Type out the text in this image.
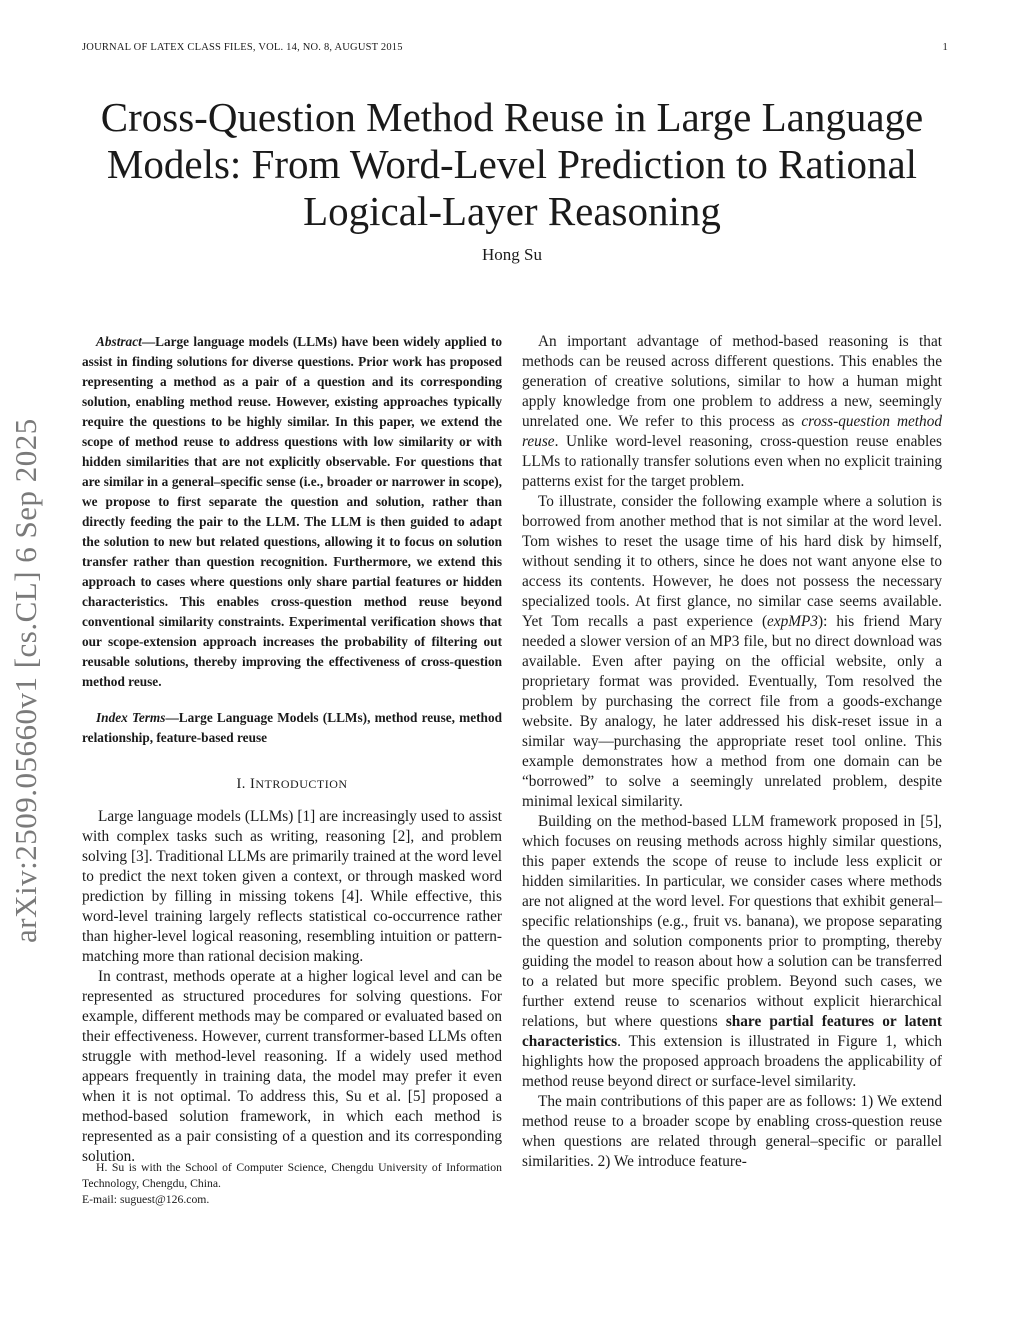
JOURNAL OF LATEX CLASS FILES, VOL. 14, NO. 8, AUGUST 2015	1
Cross-Question Method Reuse in Large Language Models: From Word-Level Prediction to Rational Logical-Layer Reasoning
Hong Su
arXiv:2509.05660v1 [cs.CL] 6 Sep 2025

Abstract—Large language models (LLMs) have been widely applied to assist in finding solutions for diverse questions. Prior work has proposed representing a method as a pair of a question and its corresponding solution, enabling method reuse. However, existing approaches typically require the questions to be highly similar. In this paper, we extend the scope of method reuse to address questions with low similarity or with hidden similarities that are not explicitly observable. For questions that are similar in a general–specific sense (i.e., broader or narrower in scope), we propose to first separate the question and solution, rather than directly feeding the pair to the LLM. The LLM is then guided to adapt the solution to new but related questions, allowing it to focus on solution transfer rather than question recognition. Furthermore, we extend this approach to cases where questions only share partial features or hidden characteristics. This enables cross-question method reuse beyond conventional similarity constraints. Experimental verification shows that our scope-extension approach increases the probability of filtering out reusable solutions, thereby improving the effectiveness of cross-question method reuse.

Index Terms—Large Language Models (LLMs), method reuse, method relationship, feature-based reuse

I. INTRODUCTION

Large language models (LLMs) [1] are increasingly used to assist with complex tasks such as writing, reasoning [2], and problem solving [3]. Traditional LLMs are primarily trained at the word level to predict the next token given a context, or through masked word prediction by filling in missing tokens [4]. While effective, this word-level training largely reflects statistical co-occurrence rather than higher-level logical reasoning, resembling intuition or pattern-matching more than rational decision making.

In contrast, methods operate at a higher logical level and can be represented as structured procedures for solving questions. For example, different methods may be compared or evaluated based on their effectiveness. However, current transformer-based LLMs often struggle with method-level reasoning. If a widely used method appears frequently in training data, the model may prefer it even when it is not optimal. To address this, Su et al. [5] proposed a method-based solution framework, in which each method is represented as a pair consisting of a question and its corresponding solution.

H. Su is with the School of Computer Science, Chengdu University of Information Technology, Chengdu, China.

E-mail: suguest@126.com.

An important advantage of method-based reasoning is that methods can be reused across different questions. This enables the generation of creative solutions, similar to how a human might apply knowledge from one problem to address a new, seemingly unrelated one. We refer to this process as cross-question method reuse. Unlike word-level reasoning, cross-question reuse enables LLMs to rationally transfer solutions even when no explicit training patterns exist for the target problem.

To illustrate, consider the following example where a solution is borrowed from another method that is not similar at the word level. Tom wishes to reset the usage time of his hard disk by himself, without sending it to others, since he does not want anyone else to access its contents. However, he does not possess the necessary specialized tools. At first glance, no similar case seems available. Yet Tom recalls a past experience (expMP3): his friend Mary needed a slower version of an MP3 file, but no direct download was available. Even after paying on the official website, only a proprietary format was provided. Eventually, Tom resolved the problem by purchasing the correct file from a goods-exchange website. By analogy, he later addressed his disk-reset issue in a similar way—purchasing the appropriate reset tool online. This example demonstrates how a method from one domain can be “borrowed” to solve a seemingly unrelated problem, despite minimal lexical similarity.

Building on the method-based LLM framework proposed in [5], which focuses on reusing methods across highly similar questions, this paper extends the scope of reuse to include less explicit or hidden similarities. In particular, we consider cases where methods are not aligned at the word level. For questions that exhibit general–specific relationships (e.g., fruit vs. banana), we propose separating the question and solution components prior to prompting, thereby guiding the model to reason about how a solution can be transferred to a related but more specific problem. Beyond such cases, we further extend reuse to scenarios without explicit hierarchical relations, but where questions share partial features or latent characteristics. This extension is illustrated in Figure 1, which highlights how the proposed approach broadens the applicability of method reuse beyond direct or surface-level similarity.

The main contributions of this paper are as follows: 1) We extend method reuse to a broader scope by enabling cross-question reuse when questions are related through general–specific or parallel similarities. 2) We introduce feature-
